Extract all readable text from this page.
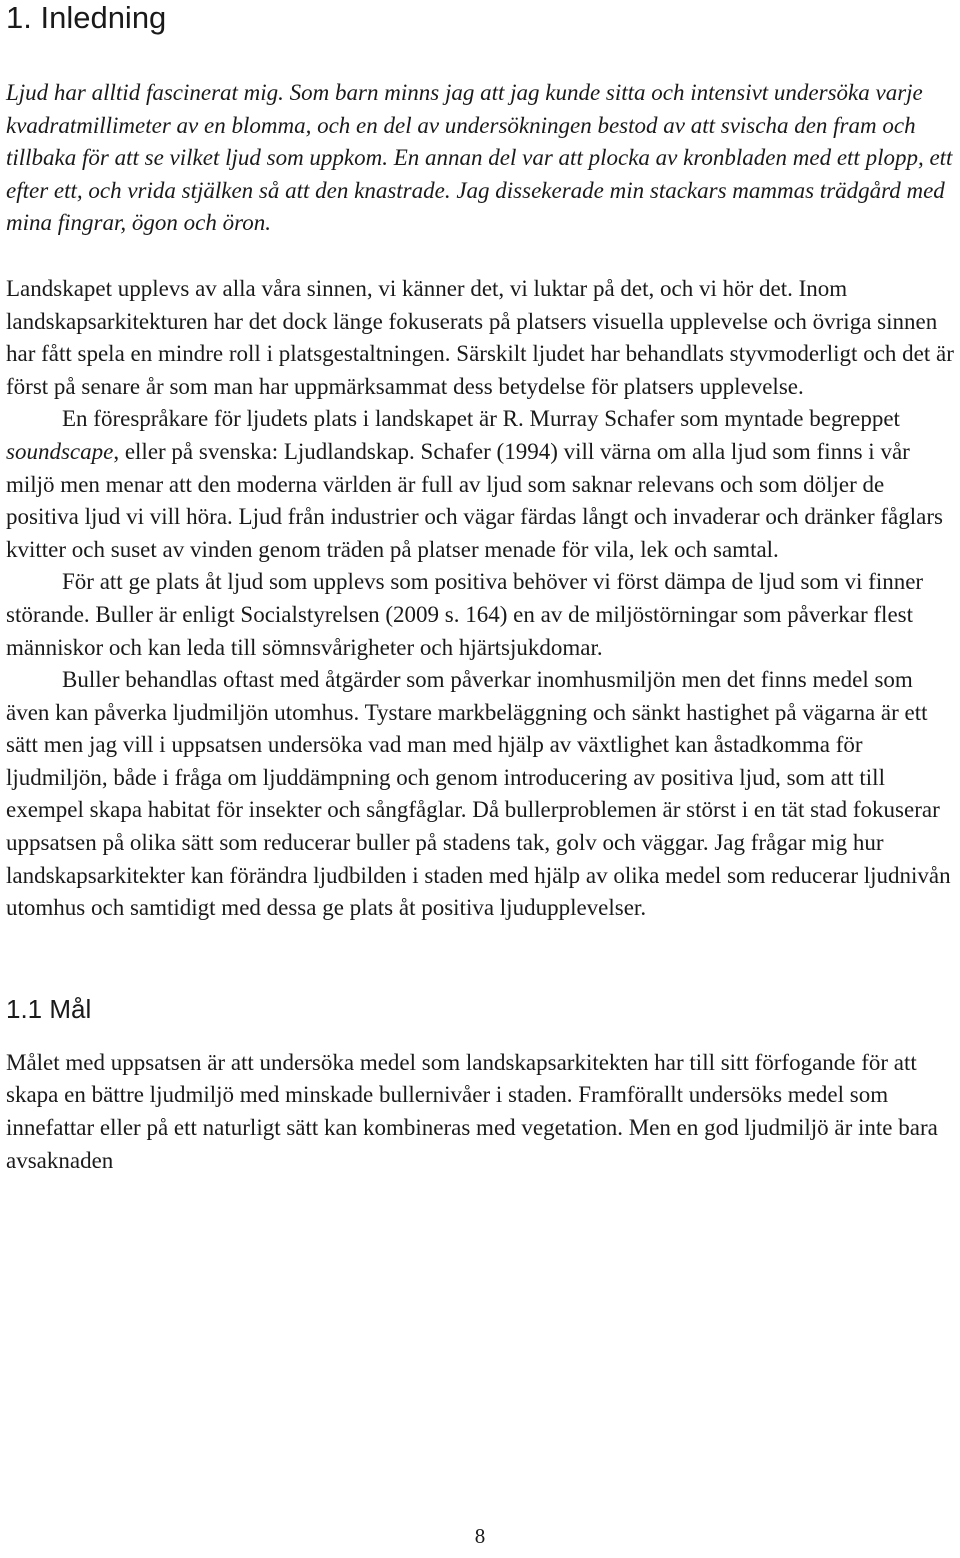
1. Inledning

Ljud har alltid fascinerat mig. Som barn minns jag att jag kunde sitta och intensivt undersöka varje kvadratmillimeter av en blomma, och en del av undersökningen bestod av att svischa den fram och tillbaka för att se vilket ljud som uppkom. En annan del var att plocka av kronbladen med ett plopp, ett efter ett, och vrida stjälken så att den knastrade. Jag dissekerade min stackars mammas trädgård med mina fingrar, ögon och öron.

Landskapet upplevs av alla våra sinnen, vi känner det, vi luktar på det, och vi hör det. Inom landskapsarkitekturen har det dock länge fokuserats på platsers visuella upplevelse och övriga sinnen har fått spela en mindre roll i platsgestaltningen. Särskilt ljudet har behandlats styvmoderligt och det är först på senare år som man har uppmärksammat dess betydelse för platsers upplevelse.

En förespråkare för ljudets plats i landskapet är R. Murray Schafer som myntade begreppet soundscape, eller på svenska: Ljudlandskap. Schafer (1994) vill värna om alla ljud som finns i vår miljö men menar att den moderna världen är full av ljud som saknar relevans och som döljer de positiva ljud vi vill höra. Ljud från industrier och vägar färdas långt och invaderar och dränker fåglars kvitter och suset av vinden genom träden på platser menade för vila, lek och samtal.

För att ge plats åt ljud som upplevs som positiva behöver vi först dämpa de ljud som vi finner störande. Buller är enligt Socialstyrelsen (2009 s. 164) en av de miljöstörningar som påverkar flest människor och kan leda till sömnsvårigheter och hjärtsjukdomar.

Buller behandlas oftast med åtgärder som påverkar inomhusmiljön men det finns medel som även kan påverka ljudmiljön utomhus. Tystare markbeläggning och sänkt hastighet på vägarna är ett sätt men jag vill i uppsatsen undersöka vad man med hjälp av växtlighet kan åstadkomma för ljudmiljön, både i fråga om ljuddämpning och genom introducering av positiva ljud, som att till exempel skapa habitat för insekter och sångfåglar. Då bullerproblemen är störst i en tät stad fokuserar uppsatsen på olika sätt som reducerar buller på stadens tak, golv och väggar. Jag frågar mig hur landskapsarkitekter kan förändra ljudbilden i staden med hjälp av olika medel som reducerar ljudnivån utomhus och samtidigt med dessa ge plats åt positiva ljudupplevelser.

1.1 Mål

Målet med uppsatsen är att undersöka medel som landskapsarkitekten har till sitt förfogande för att skapa en bättre ljudmiljö med minskade bullernivåer i staden. Framförallt undersöks medel som innefattar eller på ett naturligt sätt kan kombineras med vegetation. Men en god ljudmiljö är inte bara avsaknaden

8
